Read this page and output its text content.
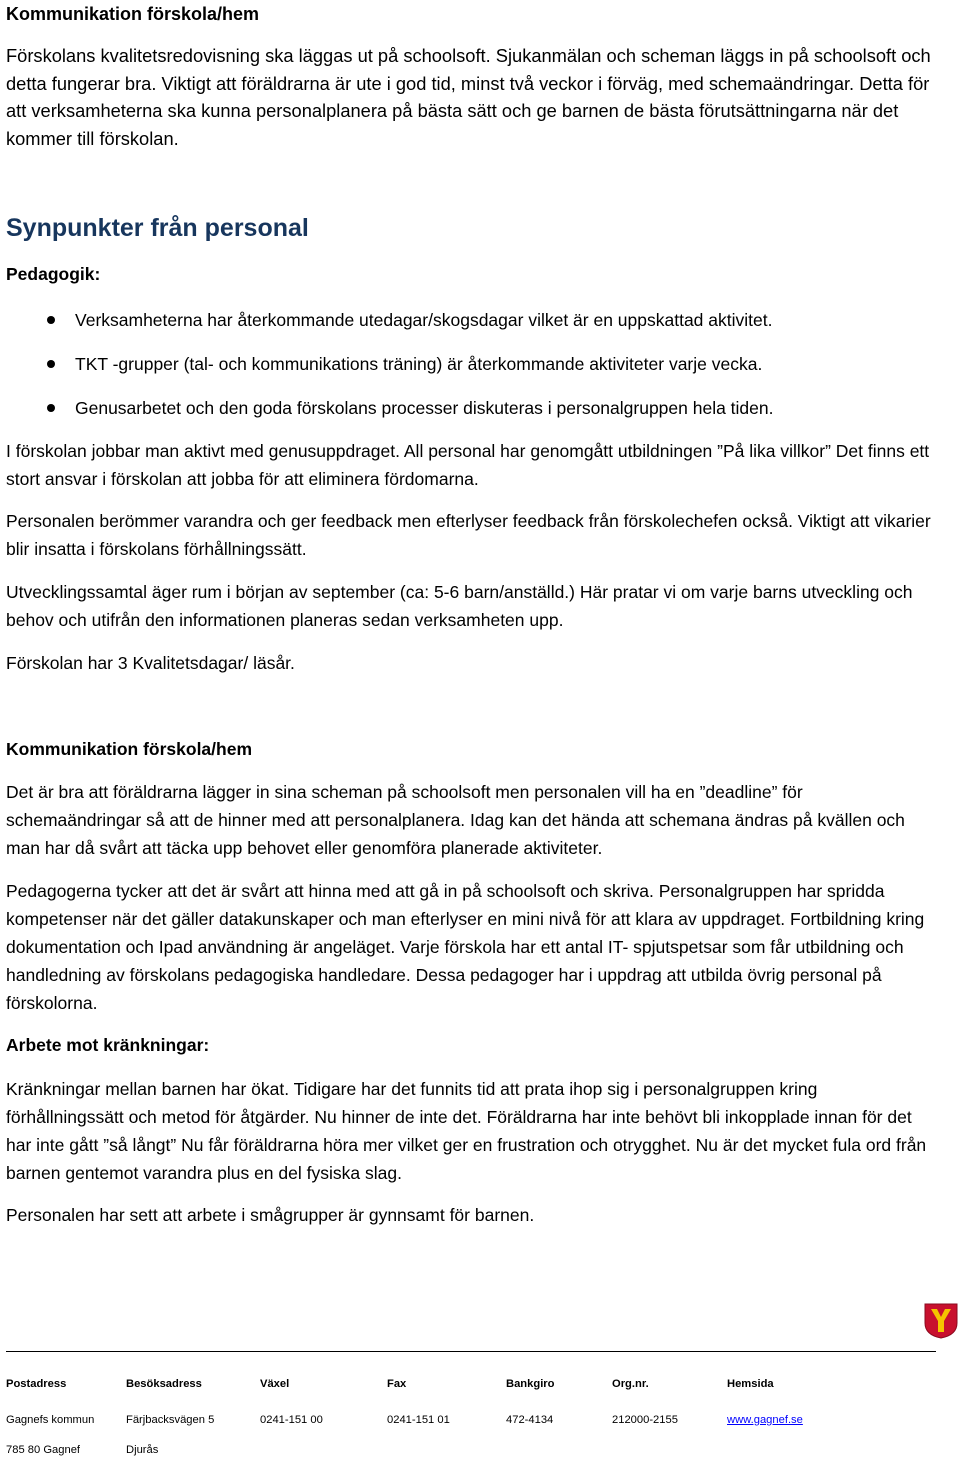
Kommunikation förskola/hem
Förskolans kvalitetsredovisning ska läggas ut på schoolsoft. Sjukanmälan och scheman läggs in på schoolsoft och detta fungerar bra. Viktigt att föräldrarna är ute i god tid, minst två veckor i förväg, med schemaändringar. Detta för att verksamheterna ska kunna personalplanera på bästa sätt och ge barnen de bästa förutsättningarna när det kommer till förskolan.
Synpunkter från personal
Pedagogik:
Verksamheterna har återkommande utedagar/skogsdagar vilket är en uppskattad aktivitet.
TKT -grupper (tal- och kommunikations träning) är återkommande aktiviteter varje vecka.
Genusarbetet och den goda förskolans processer diskuteras i personalgruppen hela tiden.

I förskolan jobbar man aktivt med genusuppdraget. All personal har genomgått utbildningen ”På lika villkor” Det finns ett stort ansvar i förskolan att jobba för att eliminera fördomarna.

Personalen berömmer varandra och ger feedback men efterlyser feedback från förskolechefen också. Viktigt att vikarier blir insatta i förskolans förhållningssätt.

Utvecklingssamtal äger rum i början av september (ca: 5-6 barn/anställd.) Här pratar vi om varje barns utveckling och behov och utifrån den informationen planeras sedan verksamheten upp.

Förskolan har 3 Kvalitetsdagar/ läsår.

Kommunikation förskola/hem

Det är bra att föräldrarna lägger in sina scheman på schoolsoft men personalen vill ha en ”deadline” för schemaändringar så att de hinner med att personalplanera. Idag kan det hända att schemana ändras på kvällen och man har då svårt att täcka upp behovet eller genomföra planerade aktiviteter.

Pedagogerna tycker att det är svårt att hinna med att gå in på schoolsoft och skriva. Personalgruppen har spridda kompetenser när det gäller datakunskaper och man efterlyser en mini nivå för att klara av uppdraget. Fortbildning kring dokumentation och Ipad användning är angeläget. Varje förskola har ett antal IT- spjutspetsar som får utbildning och handledning av förskolans pedagogiska handledare. Dessa pedagoger har i uppdrag att utbilda övrig personal på förskolorna.

Arbete mot kränkningar:

Kränkningar mellan barnen har ökat. Tidigare har det funnits tid att prata ihop sig i personalgruppen kring förhållningssätt och metod för åtgärder. Nu hinner de inte det. Föräldrarna har inte behövt bli inkopplade innan för det har inte gått ”så långt” Nu får föräldrarna höra mer vilket ger en frustration och otrygghet. Nu är det mycket fula ord från barnen gentemot varandra plus en del fysiska slag.

Personalen har sett att arbete i smågrupper är gynnsamt för barnen.

Postadress	Besöksadress	Växel	Fax	Bankgiro	Org.nr.	Hemsida
Gagnefs kommun	Färjbacksvägen 5	0241-151 00	0241-151 01	472-4134	212000-2155	www.gagnef.se
785 80 Gagnef	Djurås
